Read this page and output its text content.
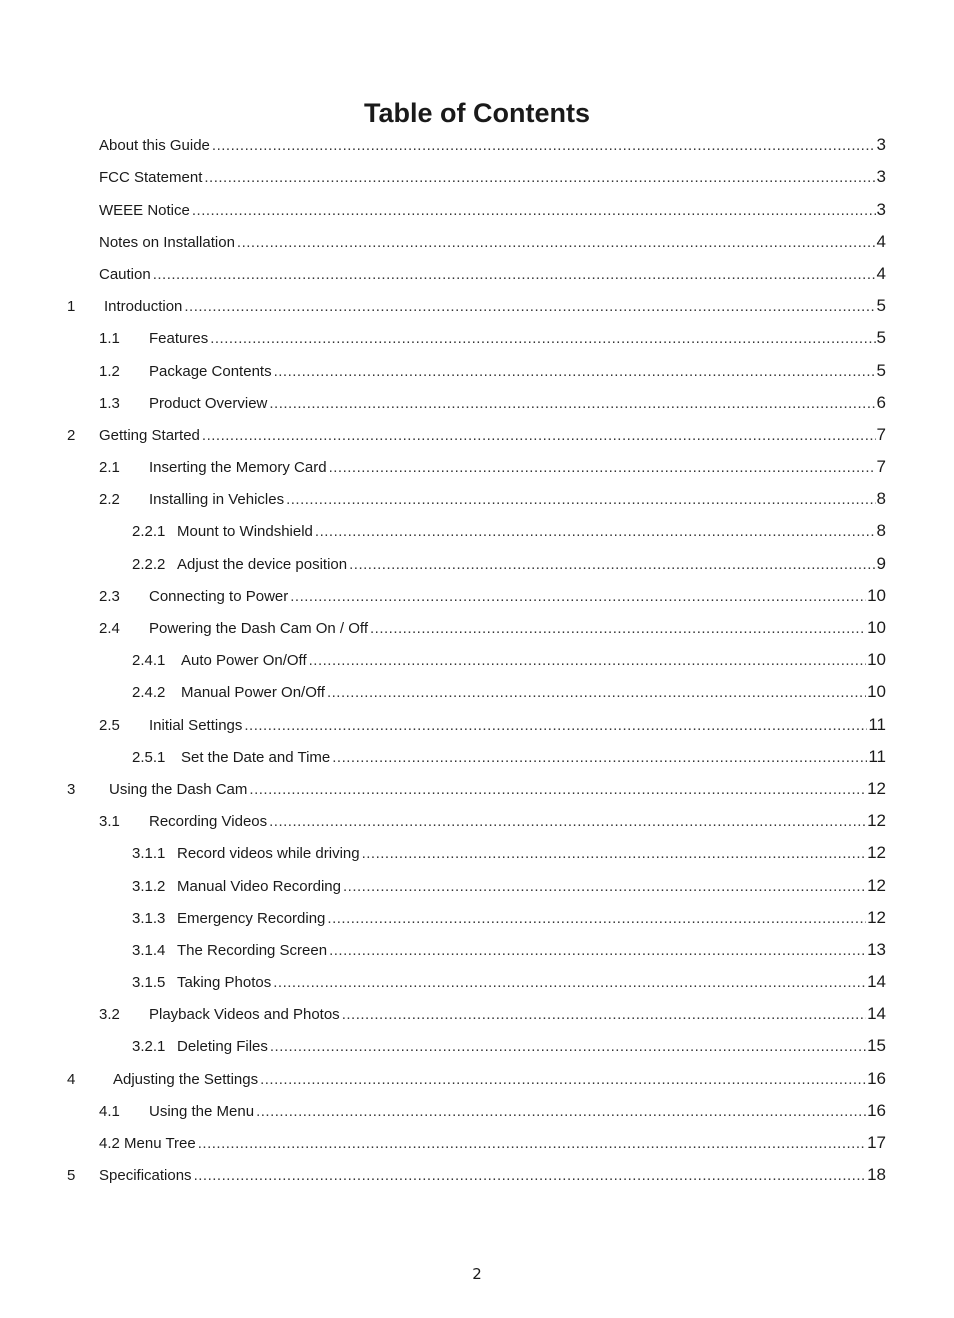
Table of Contents
About this Guide .....	3
FCC Statement .....	3
WEEE Notice .....	3
Notes on Installation .....	4
Caution .....	4
1 Introduction .....	5
1.1 Features .....	5
1.2 Package Contents .....	5
1.3 Product Overview .....	6
2 Getting Started .....	7
2.1 Inserting the Memory Card .....	7
2.2 Installing in Vehicles .....	8
2.2.1 Mount to Windshield .....	8
2.2.2 Adjust the device position .....	9
2.3 Connecting to Power .....	10
2.4 Powering the Dash Cam On / Off .....	10
2.4.1 Auto Power On/Off .....	10
2.4.2 Manual Power On/Off .....	10
2.5 Initial Settings .....	11
2.5.1 Set the Date and Time .....	11
3 Using the Dash Cam .....	12
3.1 Recording Videos .....	12
3.1.1 Record videos while driving .....	12
3.1.2 Manual Video Recording .....	12
3.1.3 Emergency Recording .....	12
3.1.4 The Recording Screen .....	13
3.1.5 Taking Photos .....	14
3.2 Playback Videos and Photos .....	14
3.2.1 Deleting Files .....	15
4	Adjusting the Settings .....	16
4.1 Using the Menu .....	16
4.2 Menu Tree .....	17
5 Specifications .....	18

2
